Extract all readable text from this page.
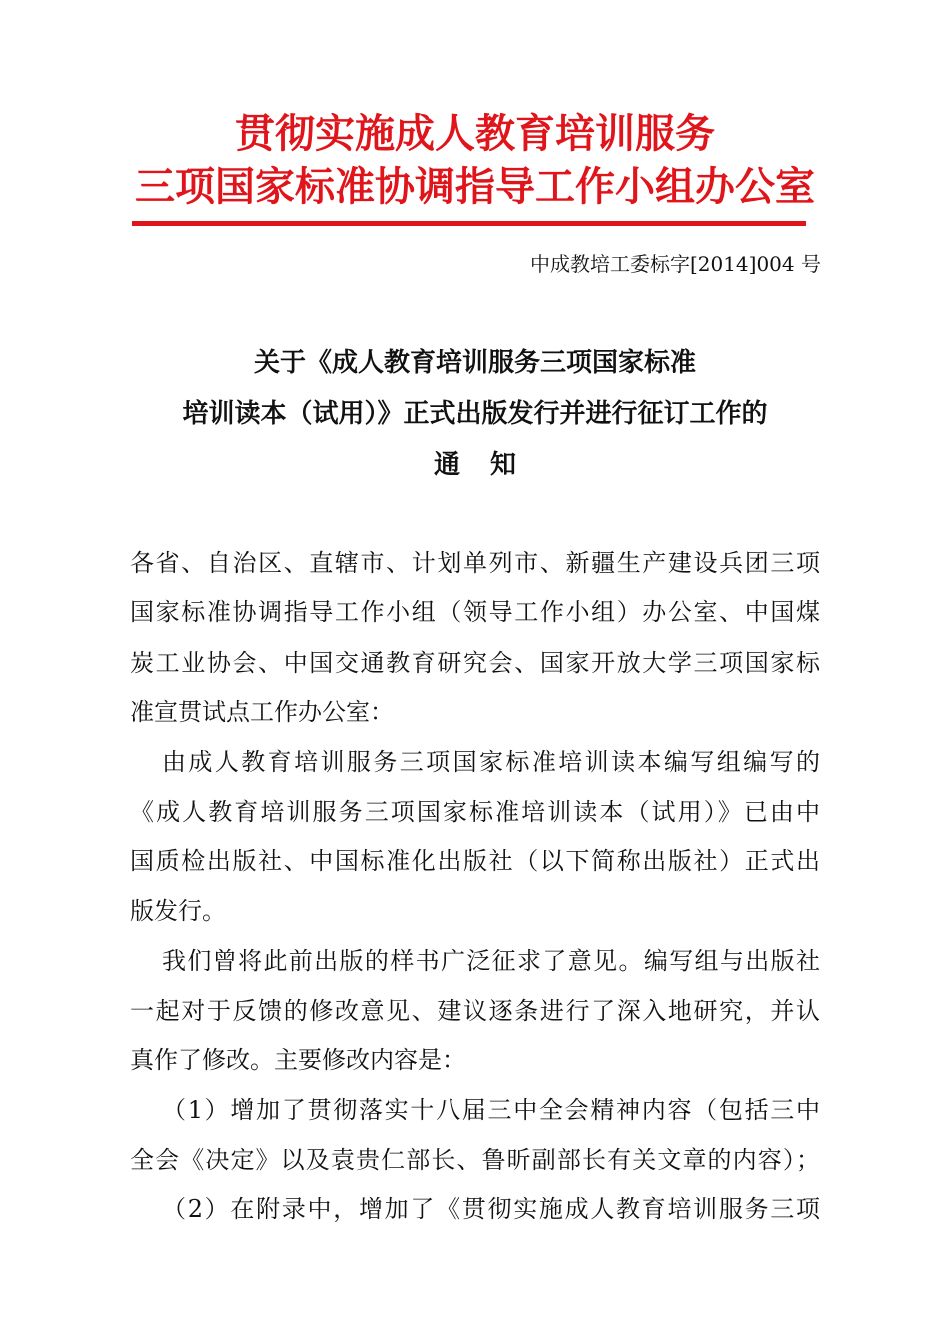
贯彻实施成人教育培训服务
三项国家标准协调指导工作小组办公室
中成教培工委标字[2014]004 号
关于《成人教育培训服务三项国家标准
培训读本（试用）》正式出版发行并进行征订工作的
通知
各省、自治区、直辖市、计划单列市、新疆生产建设兵团三项
国家标准协调指导工作小组（领导工作小组）办公室、中国煤
炭工业协会、中国交通教育研究会、国家开放大学三项国家标
准宣贯试点工作办公室：
由成人教育培训服务三项国家标准培训读本编写组编写的
《成人教育培训服务三项国家标准培训读本（试用）》已由中
国质检出版社、中国标准化出版社（以下简称出版社）正式出
版发行。
我们曾将此前出版的样书广泛征求了意见。编写组与出版社
一起对于反馈的修改意见、建议逐条进行了深入地研究，并认
真作了修改。主要修改内容是：
（1）增加了贯彻落实十八届三中全会精神内容（包括三中
全会《决定》以及袁贵仁部长、鲁昕副部长有关文章的内容）；
（2）在附录中，增加了《贯彻实施成人教育培训服务三项
